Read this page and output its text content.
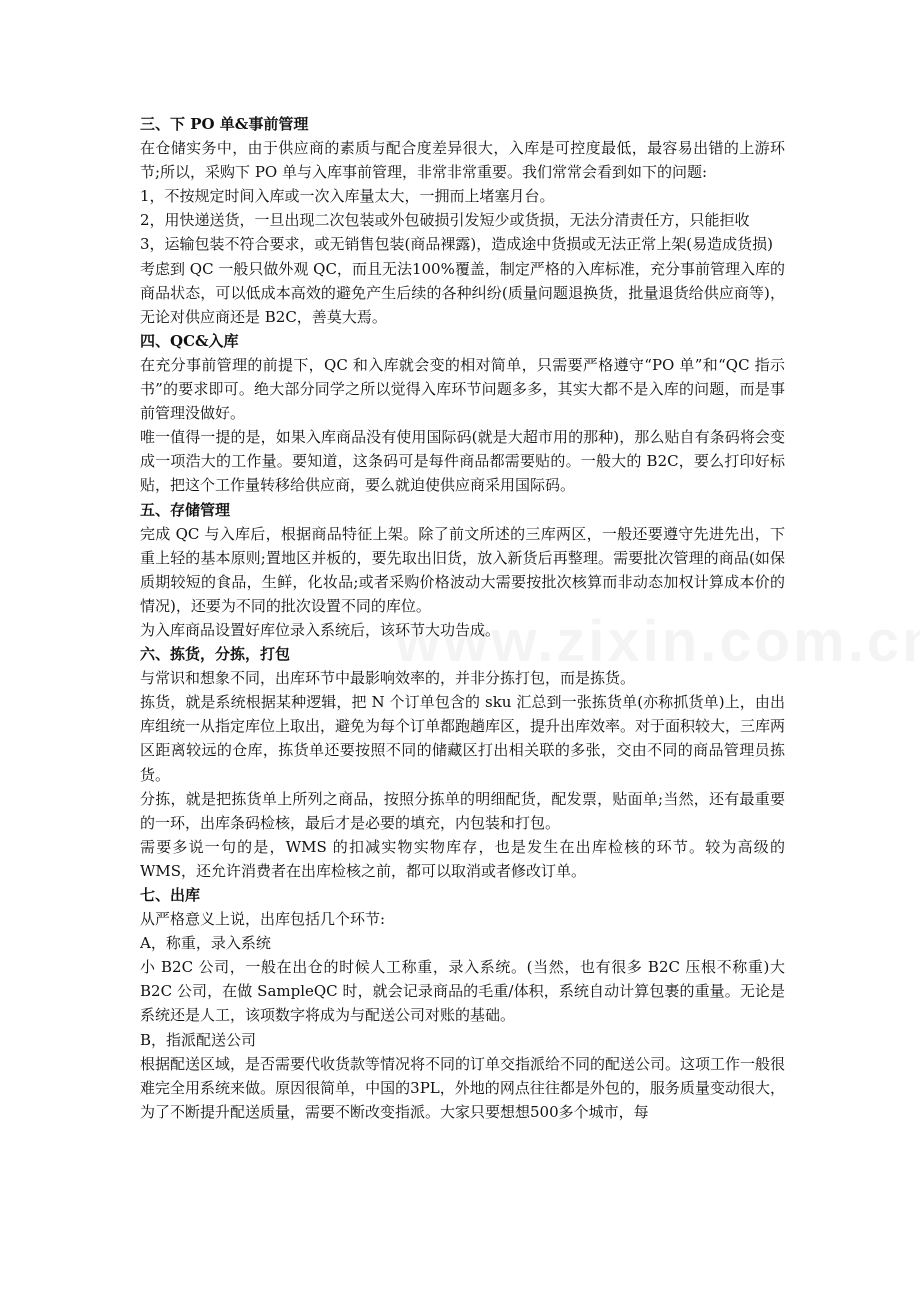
三、下 PO 单&事前管理

在仓储实务中，由于供应商的素质与配合度差异很大，入库是可控度最低，最容易出错的上游环节;所以，采购下 PO 单与入库事前管理，非常非常重要。我们常常会看到如下的问题:

1，不按规定时间入库或一次入库量太大，一拥而上堵塞月台。

2，用快递送货，一旦出现二次包装或外包破损引发短少或货损，无法分清责任方，只能拒收

3，运输包装不符合要求，或无销售包装(商品裸露)，造成途中货损或无法正常上架(易造成货损)

考虑到 QC 一般只做外观 QC，而且无法100%覆盖，制定严格的入库标准，充分事前管理入库的商品状态，可以低成本高效的避免产生后续的各种纠纷(质量问题退换货，批量退货给供应商等)，无论对供应商还是 B2C，善莫大焉。

四、QC&入库

在充分事前管理的前提下，QC 和入库就会变的相对简单，只需要严格遵守“PO 单”和“QC 指示书”的要求即可。绝大部分同学之所以觉得入库环节问题多多，其实大都不是入库的问题，而是事前管理没做好。

唯一值得一提的是，如果入库商品没有使用国际码(就是大超市用的那种)，那么贴自有条码将会变成一项浩大的工作量。要知道，这条码可是每件商品都需要贴的。一般大的 B2C，要么打印好标贴，把这个工作量转移给供应商，要么就迫使供应商采用国际码。

五、存储管理

完成 QC 与入库后，根据商品特征上架。除了前文所述的三库两区，一般还要遵守先进先出，下重上轻的基本原则;置地区并板的，要先取出旧货，放入新货后再整理。需要批次管理的商品(如保质期较短的食品，生鲜，化妆品;或者采购价格波动大需要按批次核算而非动态加权计算成本价的情况)，还要为不同的批次设置不同的库位。

为入库商品设置好库位录入系统后，该环节大功告成。

六、拣货，分拣，打包

与常识和想象不同，出库环节中最影响效率的，并非分拣打包，而是拣货。

拣货，就是系统根据某种逻辑，把 N 个订单包含的 sku 汇总到一张拣货单(亦称抓货单)上，由出库组统一从指定库位上取出，避免为每个订单都跑趟库区，提升出库效率。对于面积较大，三库两区距离较远的仓库，拣货单还要按照不同的储藏区打出相关联的多张，交由不同的商品管理员拣货。

分拣，就是把拣货单上所列之商品，按照分拣单的明细配货，配发票，贴面单;当然，还有最重要的一环，出库条码检核，最后才是必要的填充，内包装和打包。

需要多说一句的是，WMS 的扣减实物实物库存，也是发生在出库检核的环节。较为高级的 WMS，还允许消费者在出库检核之前，都可以取消或者修改订单。

七、出库

从严格意义上说，出库包括几个环节:

A，称重，录入系统

小 B2C 公司，一般在出仓的时候人工称重，录入系统。(当然，也有很多 B2C 压根不称重)大 B2C 公司，在做 SampleQC 时，就会记录商品的毛重/体积，系统自动计算包裹的重量。无论是系统还是人工，该项数字将成为与配送公司对账的基础。

B，指派配送公司

根据配送区域，是否需要代收货款等情况将不同的订单交指派给不同的配送公司。这项工作一般很难完全用系统来做。原因很简单，中国的3PL，外地的网点往往都是外包的，服务质量变动很大，为了不断提升配送质量，需要不断改变指派。大家只要想想500多个城市，每
